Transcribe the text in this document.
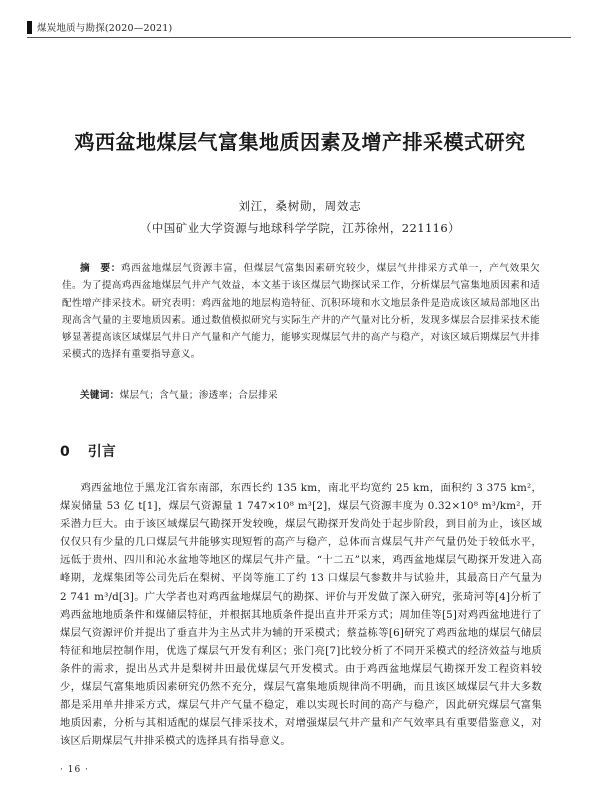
煤炭地质与勘探(2020—2021)
鸡西盆地煤层气富集地质因素及增产排采模式研究
刘江，桑树勋，周效志
（中国矿业大学资源与地球科学学院，江苏徐州，221116）
摘　要：鸡西盆地煤层气资源丰富，但煤层气富集因素研究较少，煤层气井排采方式单一，产气效果欠佳。为了提高鸡西盆地煤层气井产气效益，本文基于该区煤层气勘探试采工作，分析煤层气富集地质因素和适配性增产排采技术。研究表明：鸡西盆地的地层构造特征、沉积环境和水文地层条件是造成该区域局部地区出现高含气量的主要地质因素。通过数值模拟研究与实际生产井的产气量对比分析，发现多煤层合层排采技术能够显著提高该区域煤层气井日产气量和产气能力，能够实现煤层气井的高产与稳产，对该区域后期煤层气井排采模式的选择有重要指导意义。
关键词：煤层气；含气量；渗透率；合层排采
0 引言

鸡西盆地位于黑龙江省东南部，东西长约 135 km，南北平均宽约 25 km，面积约 3 375 km²，煤炭储量 53 亿 t[1]，煤层气资源量 1 747×10⁸ m³[2]，煤层气资源丰度为 0.32×10⁸ m³/km²，开采潜力巨大。由于该区域煤层气勘探开发较晚，煤层气勘探开发尚处于起步阶段，到目前为止，该区域仅仅只有少量的几口煤层气井能够实现短暂的高产与稳产，总体而言煤层气井产气量仍处于较低水平，远低于贵州、四川和沁水盆地等地区的煤层气井产量。“十二五”以来，鸡西盆地煤层气勘探开发进入高峰期，龙煤集团等公司先后在梨树、平岗等施工了约 13 口煤层气参数井与试验井，其最高日产气量为 2 741 m³/d[3]。广大学者也对鸡西盆地煤层气的勘探、评价与开发做了深入研究，张琦河等[4]分析了鸡西盆地地质条件和煤储层特征，并根据其地质条件提出直井开采方式；周加佳等[5]对鸡西盆地进行了煤层气资源评价并提出了垂直井为主丛式井为辅的开采模式；蔡益栋等[6]研究了鸡西盆地的煤层气储层特征和地层控制作用，优选了煤层气开发有利区；张门亮[7]比较分析了不同开采模式的经济效益与地质条件的需求，提出丛式井是梨树井田最优煤层气开发模式。由于鸡西盆地煤层气勘探开发工程资料较少，煤层气富集地质因素研究仍然不充分，煤层气富集地质规律尚不明确，而且该区域煤层气井大多数都是采用单井排采方式，煤层气井产气量不稳定，难以实现长时间的高产与稳产，因此研究煤层气富集地质因素，分析与其相适配的煤层气排采技术，对增强煤层气井产量和产气效率具有重要借鉴意义，对该区后期煤层气井排采模式的选择具有指导意义。

· 16 ·
